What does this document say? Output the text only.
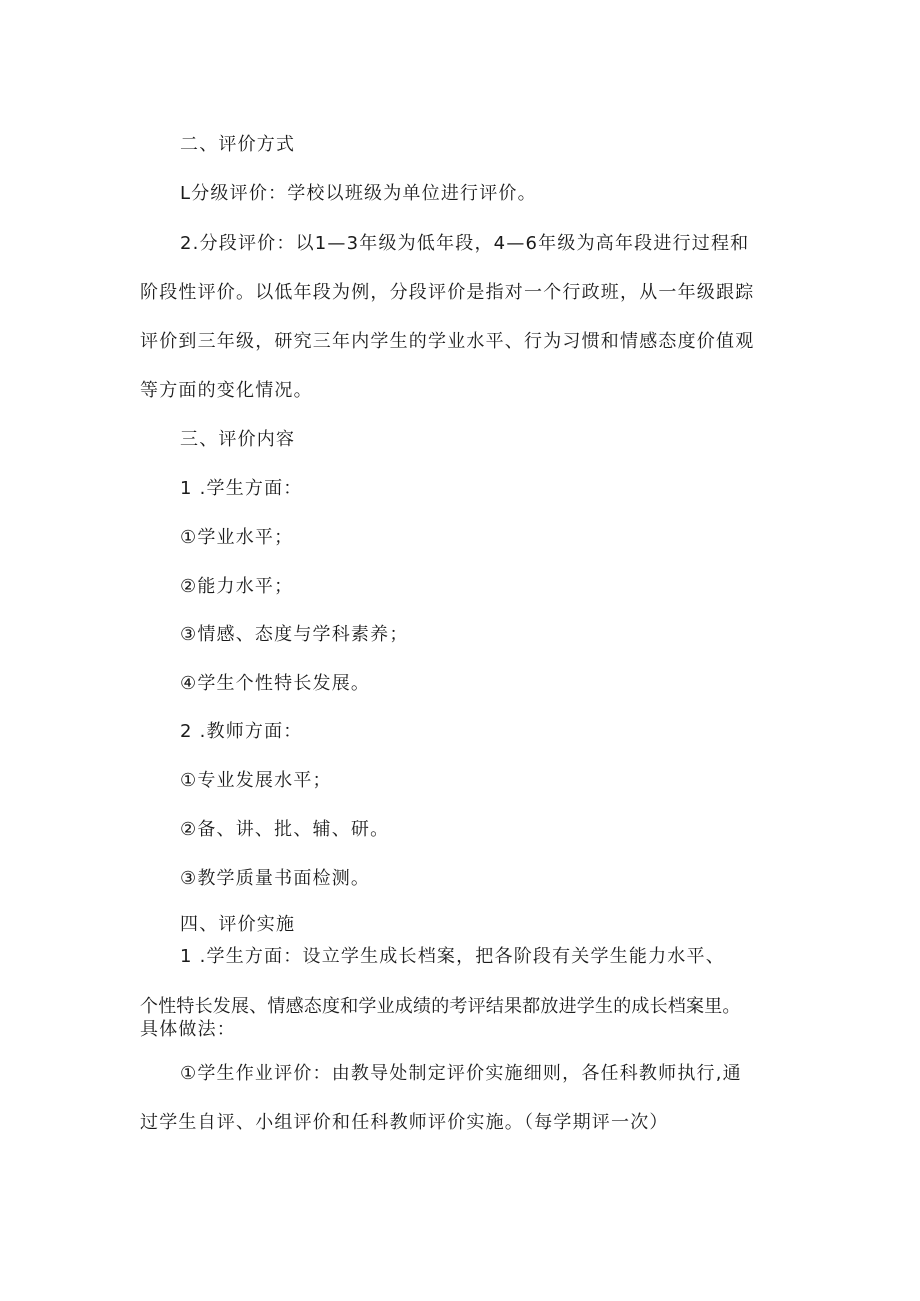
二、评价方式
L分级评价：学校以班级为单位进行评价。
2.分段评价：以1—3年级为低年段，4—6年级为高年段进行过程和
阶段性评价。以低年段为例，分段评价是指对一个行政班，从一年级跟踪
评价到三年级，研究三年内学生的学业水平、行为习惯和情感态度价值观
等方面的变化情况。
三、评价内容
1 .学生方面：
①学业水平；
②能力水平；
③情感、态度与学科素养；
④学生个性特长发展。
2 .教师方面：
①专业发展水平；
②备、讲、批、辅、研。
③教学质量书面检测。
四、评价实施
1 .学生方面：设立学生成长档案，把各阶段有关学生能力水平、
个性特长发展、情感态度和学业成绩的考评结果都放进学生的成长档案里。
具体做法：
①学生作业评价：由教导处制定评价实施细则，各任科教师执行,通
过学生自评、小组评价和任科教师评价实施。（每学期评一次）
